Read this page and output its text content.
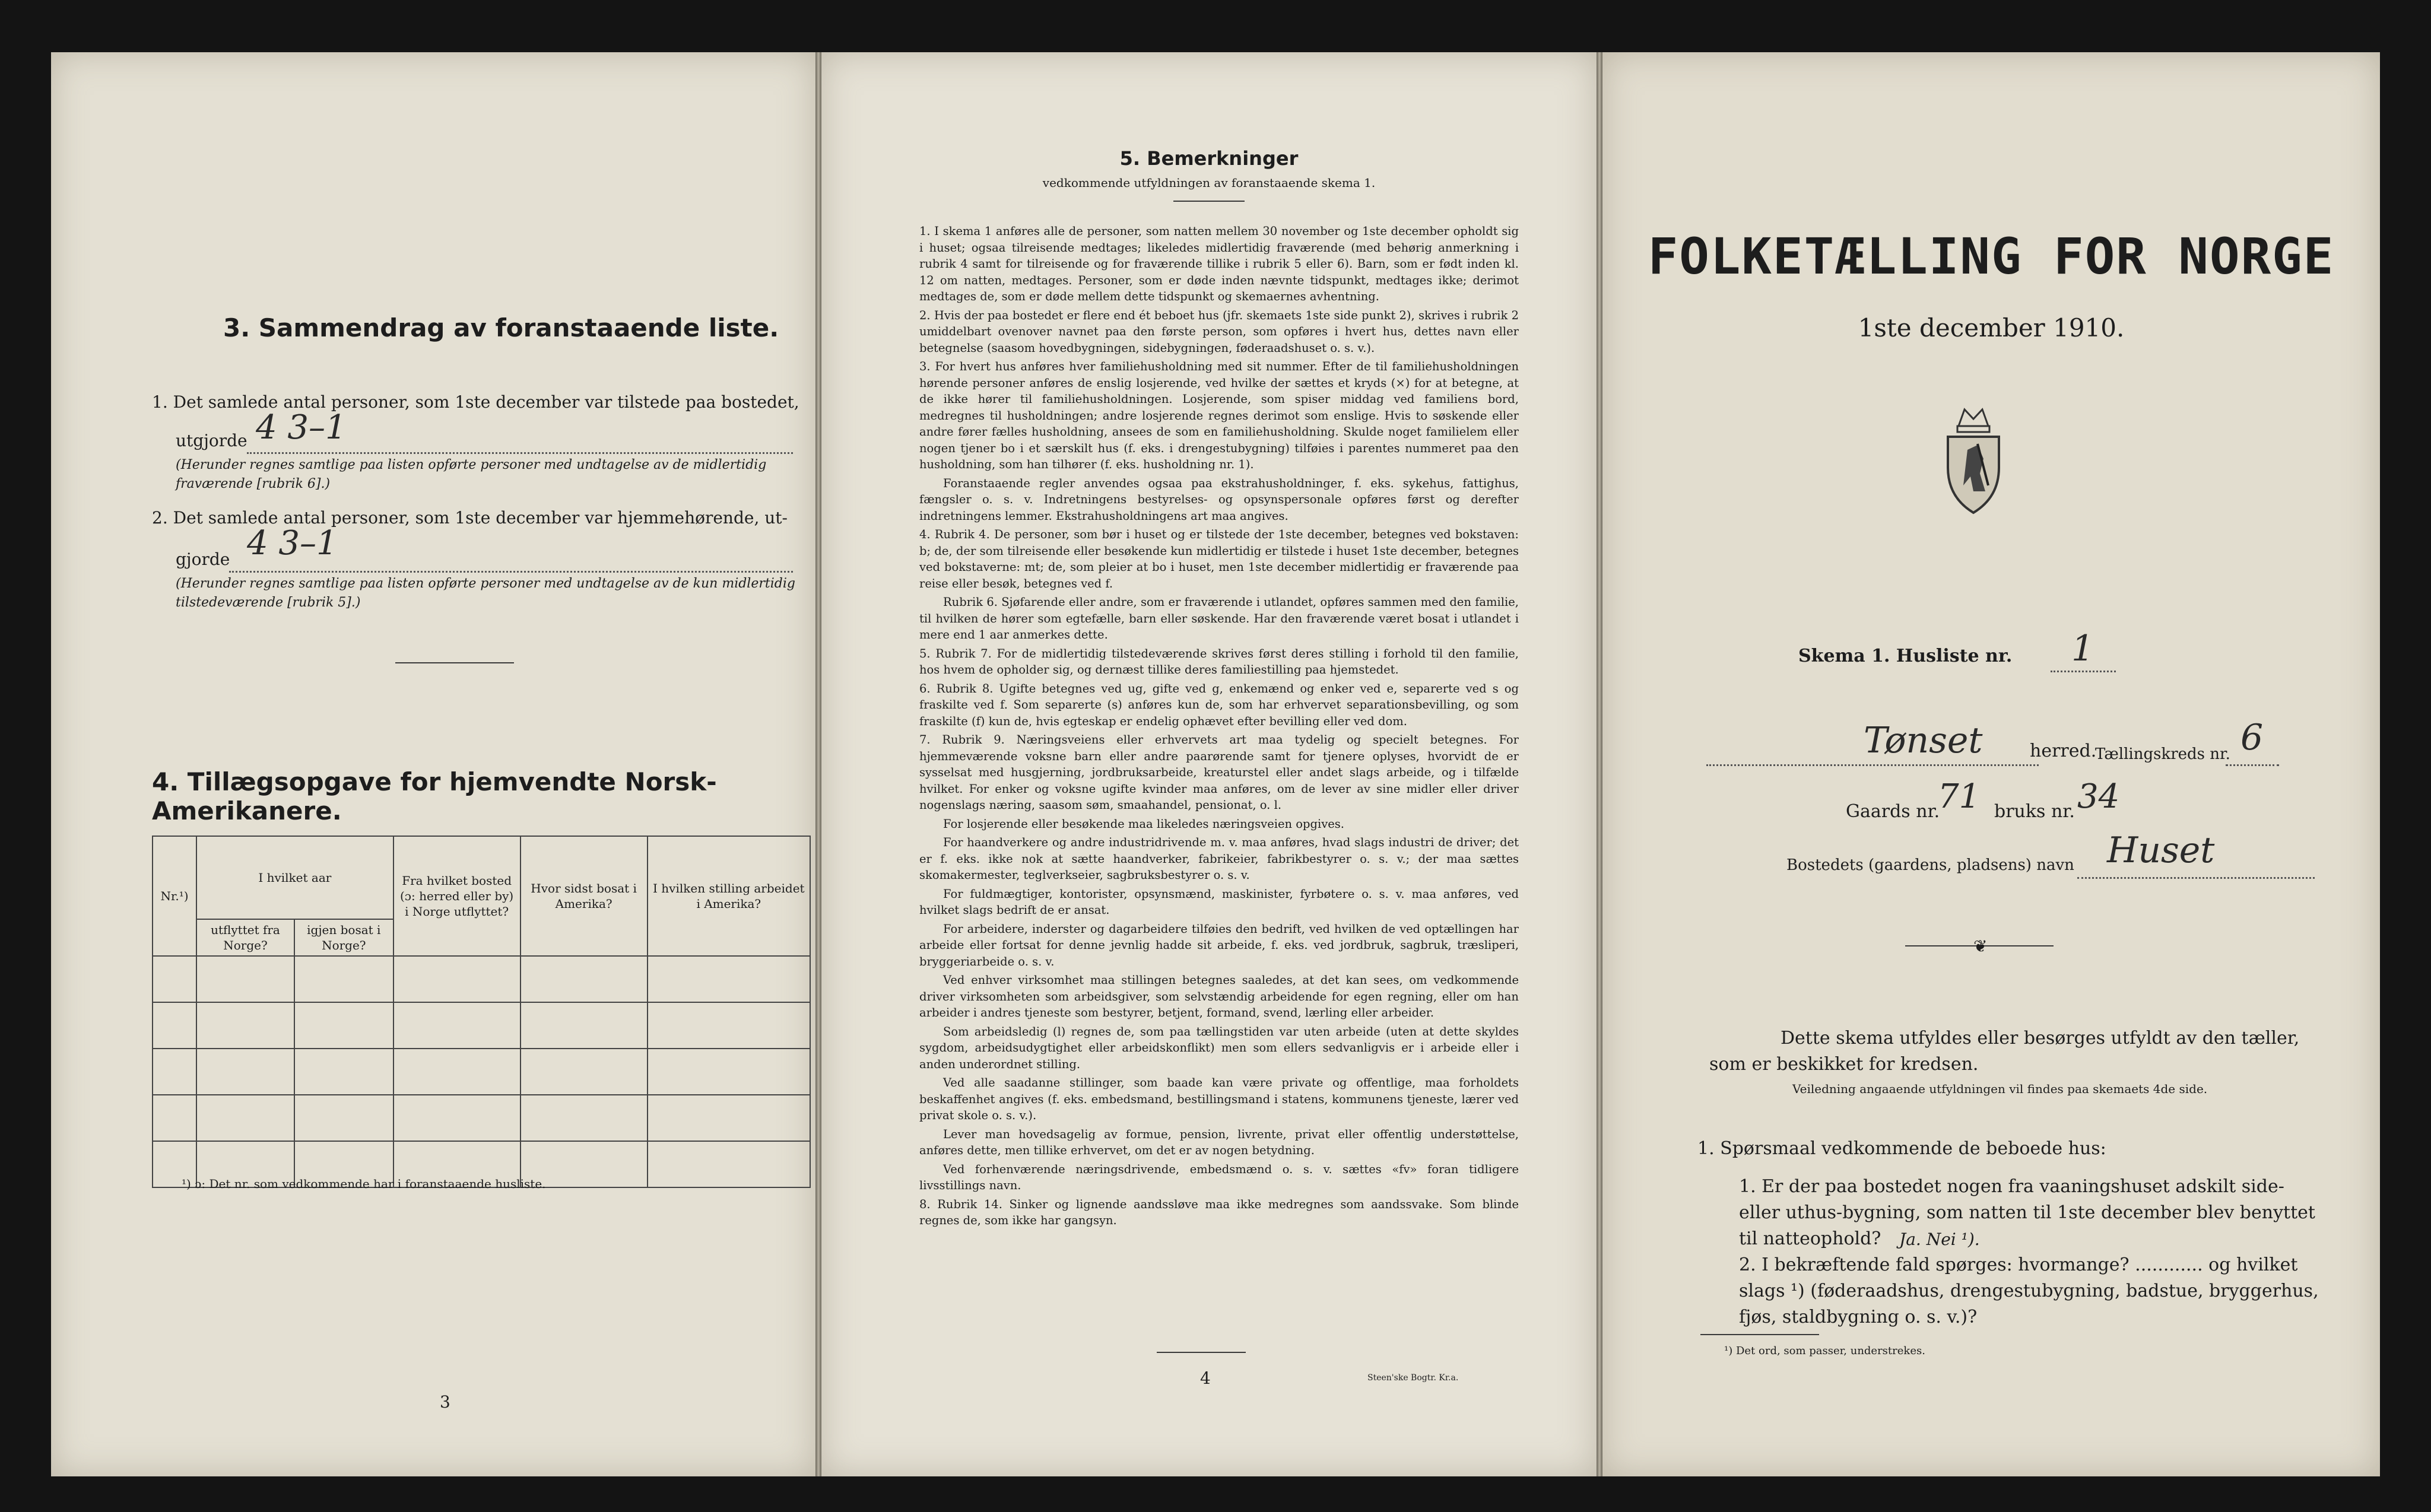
3. Sammendrag av foranstaaende liste.
1. Det samlede antal personer, som 1ste december var tilstede paa bostedet,
utgjorde 4 3–1
(Herunder regnes samtlige paa listen opførte personer med undtagelse av de midlertidig fraværende [rubrik 6].)
2. Det samlede antal personer, som 1ste december var hjemmehørende, ut-
gjorde 4 3–1
(Herunder regnes samtlige paa listen opførte personer med undtagelse av de kun midlertidig tilstedeværende [rubrik 5].)
4. Tillægsopgave for hjemvendte Norsk-Amerikanere.
Nr.¹)	I hvilket aar		Fra hvilket bosted (ɔ: herred eller by) i Norge utflyttet?	Hvor sidst bosat i Amerika?	I hvilken stilling arbeidet i Amerika?
	utflyttet fra Norge?	igjen bosat i Norge?			

¹) ɔ: Det nr. som vedkommende har i foranstaaende husliste.
3
5. Bemerkninger
vedkommende utfyldningen av foranstaaende skema 1.

1. I skema 1 anføres alle de personer, som natten mellem 30 november og 1ste december opholdt sig i huset; ogsaa tilreisende medtages; likeledes midlertidig fraværende (med behørig anmerkning i rubrik 4 samt for tilreisende og for fraværende tillike i rubrik 5 eller 6). Barn, som er født inden kl. 12 om natten, medtages. Personer, som er døde inden nævnte tidspunkt, medtages ikke; derimot medtages de, som er døde mellem dette tidspunkt og skemaernes avhentning.

2. Hvis der paa bostedet er flere end ét beboet hus (jfr. skemaets 1ste side punkt 2), skrives i rubrik 2 umiddelbart ovenover navnet paa den første person, som opføres i hvert hus, dettes navn eller betegnelse (saasom hovedbygningen, sidebygningen, føderaadshuset o. s. v.).

3. For hvert hus anføres hver familiehusholdning med sit nummer. Efter de til familiehusholdningen hørende personer anføres de enslig losjerende, ved hvilke der sættes et kryds (×) for at betegne, at de ikke hører til familiehusholdningen. Losjerende, som spiser middag ved familiens bord, medregnes til husholdningen; andre losjerende regnes derimot som enslige. Hvis to søskende eller andre fører fælles husholdning, ansees de som en familiehusholdning. Skulde noget familielem eller nogen tjener bo i et særskilt hus (f. eks. i drengestubygning) tilføies i parentes nummeret paa den husholdning, som han tilhører (f. eks. husholdning nr. 1).

Foranstaaende regler anvendes ogsaa paa ekstrahusholdninger, f. eks. sykehus, fattighus, fængsler o. s. v. Indretningens bestyrelses- og opsynspersonale opføres først og derefter indretningens lemmer. Ekstrahusholdningens art maa angives.

4. Rubrik 4. De personer, som bør i huset og er tilstede der 1ste december, betegnes ved bokstaven: b; de, der som tilreisende eller besøkende kun midlertidig er tilstede i huset 1ste december, betegnes ved bokstaverne: mt; de, som pleier at bo i huset, men 1ste december midlertidig er fraværende paa reise eller besøk, betegnes ved f.

Rubrik 6. Sjøfarende eller andre, som er fraværende i utlandet, opføres sammen med den familie, til hvilken de hører som egtefælle, barn eller søskende. Har den fraværende været bosat i utlandet i mere end 1 aar anmerkes dette.

5. Rubrik 7. For de midlertidig tilstedeværende skrives først deres stilling i forhold til den familie, hos hvem de opholder sig, og dernæst tillike deres familiestilling paa hjemstedet.

6. Rubrik 8. Ugifte betegnes ved ug, gifte ved g, enkemænd og enker ved e, separerte ved s og fraskilte ved f. Som separerte (s) anføres kun de, som har erhvervet separationsbevilling, og som fraskilte (f) kun de, hvis egteskap er endelig ophævet efter bevilling eller ved dom.

7. Rubrik 9. Næringsveiens eller erhvervets art maa tydelig og specielt betegnes. For hjemmeværende voksne barn eller andre paarørende samt for tjenere oplyses, hvorvidt de er sysselsat med husgjerning, jordbruksarbeide, kreaturstel eller andet slags arbeide, og i tilfælde hvilket. For enker og voksne ugifte kvinder maa anføres, om de lever av sine midler eller driver nogenslags næring, saasom søm, smaahandel, pensionat, o. l.

For losjerende eller besøkende maa likeledes næringsveien opgives.

For haandverkere og andre industridrivende m. v. maa anføres, hvad slags industri de driver; det er f. eks. ikke nok at sætte haandverker, fabrikeier, fabrikbestyrer o. s. v.; der maa sættes skomakermester, teglverkseier, sagbruksbestyrer o. s. v.

For fuldmægtiger, kontorister, opsynsmænd, maskinister, fyrbøtere o. s. v. maa anføres, ved hvilket slags bedrift de er ansat.

For arbeidere, inderster og dagarbeidere tilføies den bedrift, ved hvilken de ved optællingen har arbeide eller fortsat for denne jevnlig hadde sit arbeide, f. eks. ved jordbruk, sagbruk, træsliperi, bryggeriarbeide o. s. v.

Ved enhver virksomhet maa stillingen betegnes saaledes, at det kan sees, om vedkommende driver virksomheten som arbeidsgiver, som selvstændig arbeidende for egen regning, eller om han arbeider i andres tjeneste som bestyrer, betjent, formand, svend, lærling eller arbeider.

Som arbeidsledig (l) regnes de, som paa tællingstiden var uten arbeide (uten at dette skyldes sygdom, arbeidsudygtighet eller arbeidskonflikt) men som ellers sedvanligvis er i arbeide eller i anden underordnet stilling.

Ved alle saadanne stillinger, som baade kan være private og offentlige, maa forholdets beskaffenhet angives (f. eks. embedsmand, bestillingsmand i statens, kommunens tjeneste, lærer ved privat skole o. s. v.).

Lever man hovedsagelig av formue, pension, livrente, privat eller offentlig understøttelse, anføres dette, men tillike erhvervet, om det er av nogen betydning.

Ved forhenværende næringsdrivende, embedsmænd o. s. v. sættes «fv» foran tidligere livsstillings navn.

8. Rubrik 14. Sinker og lignende aandssløve maa ikke medregnes som aandssvake. Som blinde regnes de, som ikke har gangsyn.

4	Steen'ske Bogtr. Kr.a.
FOLKETÆLLING FOR NORGE
1ste december 1910.
Skema 1. Husliste nr. 1
Tønset	herred.
Tællingskreds nr. 6
Gaards nr.
71 bruks nr. 34
Bostedets (gaardens, pladsens) navn Huset
❦
Dette skema utfyldes eller besørges utfyldt av den tæller, som er beskikket for kredsen.
Veiledning angaaende utfyldningen vil findes paa skemaets 4de side.
1. Spørsmaal vedkommende de beboede hus:
1. Er der paa bostedet nogen fra vaaningshuset adskilt side- eller uthus-bygning, som natten til 1ste december blev benyttet til natteophold?	Ja. Nei ¹).
2. I bekræftende fald spørges: hvormange? ............ og hvilket slags ¹) (føderaadshus, drengestubygning, badstue, bryggerhus, fjøs, staldbygning o. s. v.)?
¹) Det ord, som passer, understrekes.
